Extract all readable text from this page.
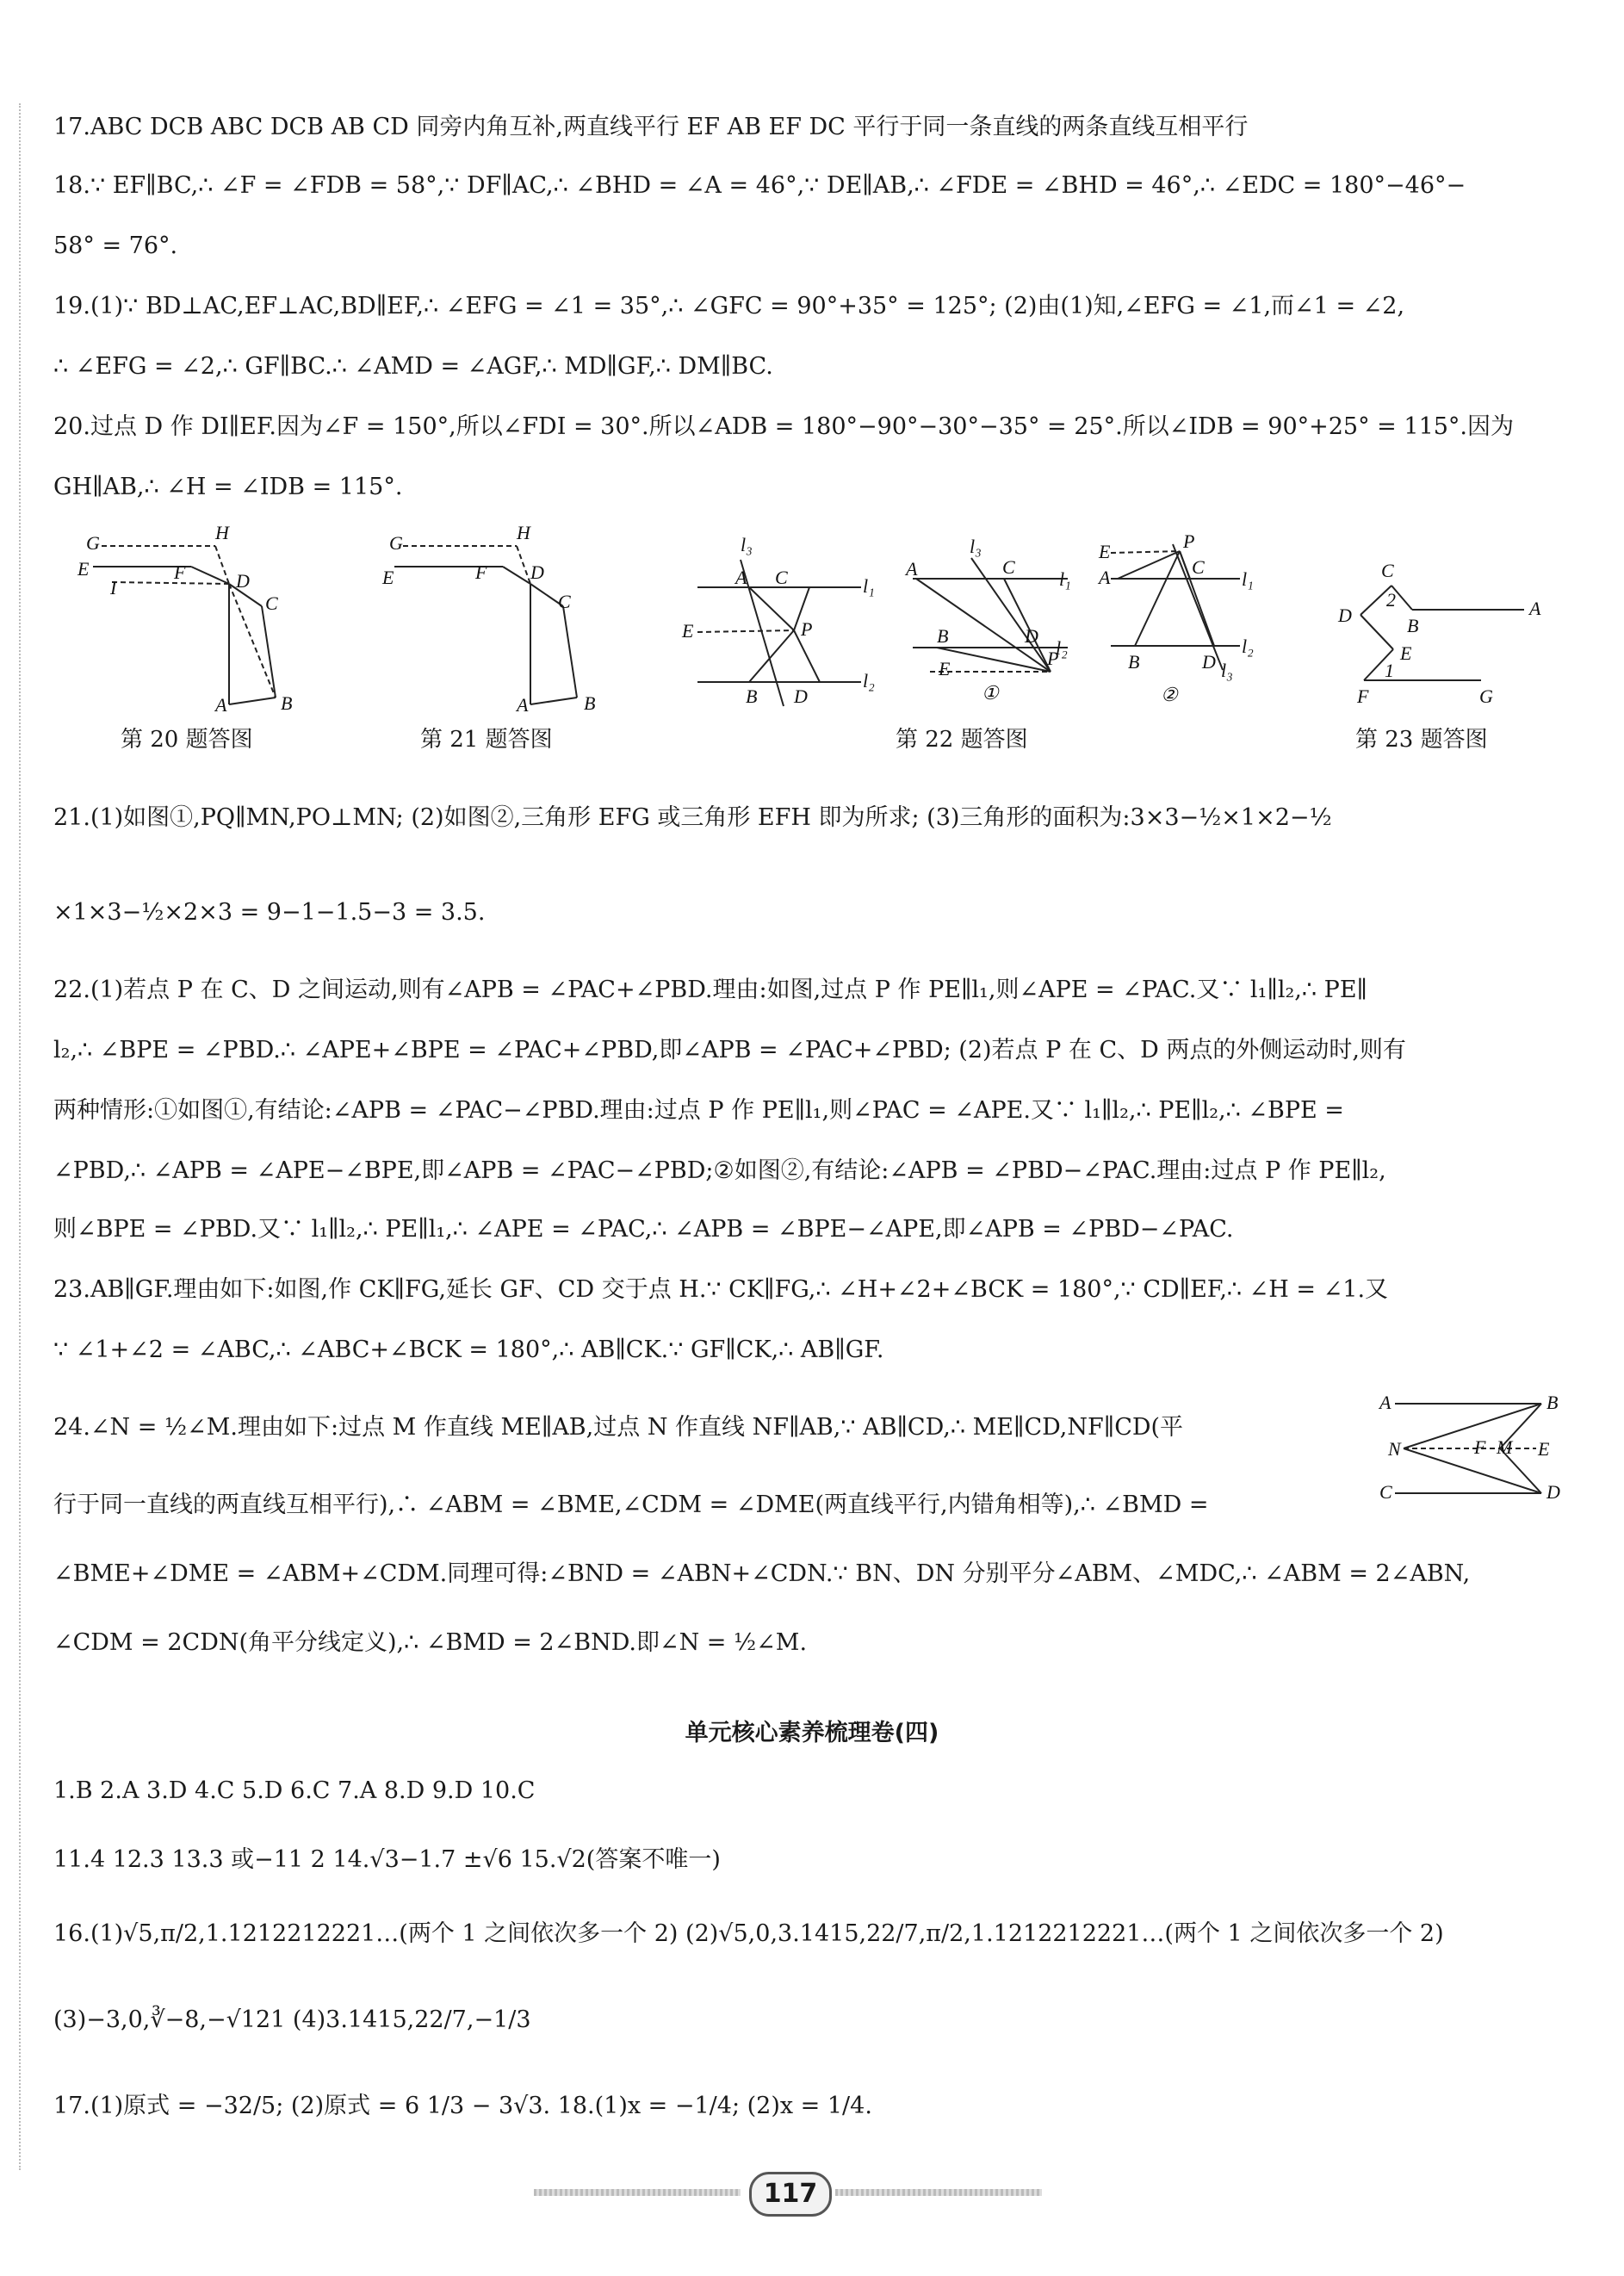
17.ABC DCB ABC DCB AB CD 同旁内角互补,两直线平行 EF AB EF DC 平行于同一条直线的两条直线互相平行
18.∵ EF∥BC,∴ ∠F = ∠FDB = 58°,∵ DF∥AC,∴ ∠BHD = ∠A = 46°,∵ DE∥AB,∴ ∠FDE = ∠BHD = 46°,∴ ∠EDC = 180°−46°−
58° = 76°.
19.(1)∵ BD⊥AC,EF⊥AC,BD∥EF,∴ ∠EFG = ∠1 = 35°,∴ ∠GFC = 90°+35° = 125°; (2)由(1)知,∠EFG = ∠1,而∠1 = ∠2,
∴ ∠EFG = ∠2,∴ GF∥BC.∴ ∠AMD = ∠AGF,∴ MD∥GF,∴ DM∥BC.
20.过点 D 作 DI∥EF.因为∠F = 150°,所以∠FDI = 30°.所以∠ADB = 180°−90°−30°−35° = 25°.所以∠IDB = 90°+25° = 115°.因为
GH∥AB,∴ ∠H = ∠IDB = 115°.
G	H
E	F	D
I
C
A	B
G	H
E	F D
C
A	B
l₃
A C	l₁
E	P
B D
l₂
l₃
C
A	l₁
B	D
l₂
E	P
①
E	P
A	C
l₁
l₂
B	D l₃
②
C
2
D	B
A
E
1
F	G
第 20 题答图	第 21 题答图	第 22 题答图	第 23 题答图
21.(1)如图①,PQ∥MN,PO⊥MN; (2)如图②,三角形 EFG 或三角形 EFH 即为所求; (3)三角形的面积为:3×3−½×1×2−½
×1×3−½×2×3 = 9−1−1.5−3 = 3.5.
22.(1)若点 P 在 C、D 之间运动,则有∠APB = ∠PAC+∠PBD.理由:如图,过点 P 作 PE∥l₁,则∠APE = ∠PAC.又∵ l₁∥l₂,∴ PE∥
l₂,∴ ∠BPE = ∠PBD.∴ ∠APE+∠BPE = ∠PAC+∠PBD,即∠APB = ∠PAC+∠PBD; (2)若点 P 在 C、D 两点的外侧运动时,则有
两种情形:①如图①,有结论:∠APB = ∠PAC−∠PBD.理由:过点 P 作 PE∥l₁,则∠PAC = ∠APE.又∵ l₁∥l₂,∴ PE∥l₂,∴ ∠BPE =
∠PBD,∴ ∠APB = ∠APE−∠BPE,即∠APB = ∠PAC−∠PBD;②如图②,有结论:∠APB = ∠PBD−∠PAC.理由:过点 P 作 PE∥l₂,
则∠BPE = ∠PBD.又∵ l₁∥l₂,∴ PE∥l₁,∴ ∠APE = ∠PAC,∴ ∠APB = ∠BPE−∠APE,即∠APB = ∠PBD−∠PAC.
23.AB∥GF.理由如下:如图,作 CK∥FG,延长 GF、CD 交于点 H.∵ CK∥FG,∴ ∠H+∠2+∠BCK = 180°,∵ CD∥EF,∴ ∠H = ∠1.又
∵ ∠1+∠2 = ∠ABC,∴ ∠ABC+∠BCK = 180°,∴ AB∥CK.∵ GF∥CK,∴ AB∥GF.
24.∠N = ½∠M.理由如下:过点 M 作直线 ME∥AB,过点 N 作直线 NF∥AB,∵ AB∥CD,∴ ME∥CD,NF∥CD(平
行于同一直线的两直线互相平行),∴ ∠ABM = ∠BME,∠CDM = ∠DME(两直线平行,内错角相等),∴ ∠BMD =
∠BME+∠DME = ∠ABM+∠CDM.同理可得:∠BND = ∠ABN+∠CDN.∵ BN、DN 分别平分∠ABM、∠MDC,∴ ∠ABM = 2∠ABN,
∠CDM = 2CDN(角平分线定义),∴ ∠BMD = 2∠BND.即∠N = ½∠M.
A	B
N	F M E
C	D
单元核心素养梳理卷(四)
1.B 2.A 3.D 4.C 5.D 6.C 7.A 8.D 9.D 10.C
11.4 12.3 13.3 或−11 2 14.√3−1.7 ±√6 15.√2(答案不唯一)
16.(1)√5,π/2,1.1212212221…(两个 1 之间依次多一个 2) (2)√5,0,3.1415,22/7,π/2,1.1212212221…(两个 1 之间依次多一个 2)
(3)−3,0,∛−8,−√121 (4)3.1415,22/7,−1/3
17.(1)原式 = −32/5; (2)原式 = 6 1/3 − 3√3. 18.(1)x = −1/4; (2)x = 1/4.
117
